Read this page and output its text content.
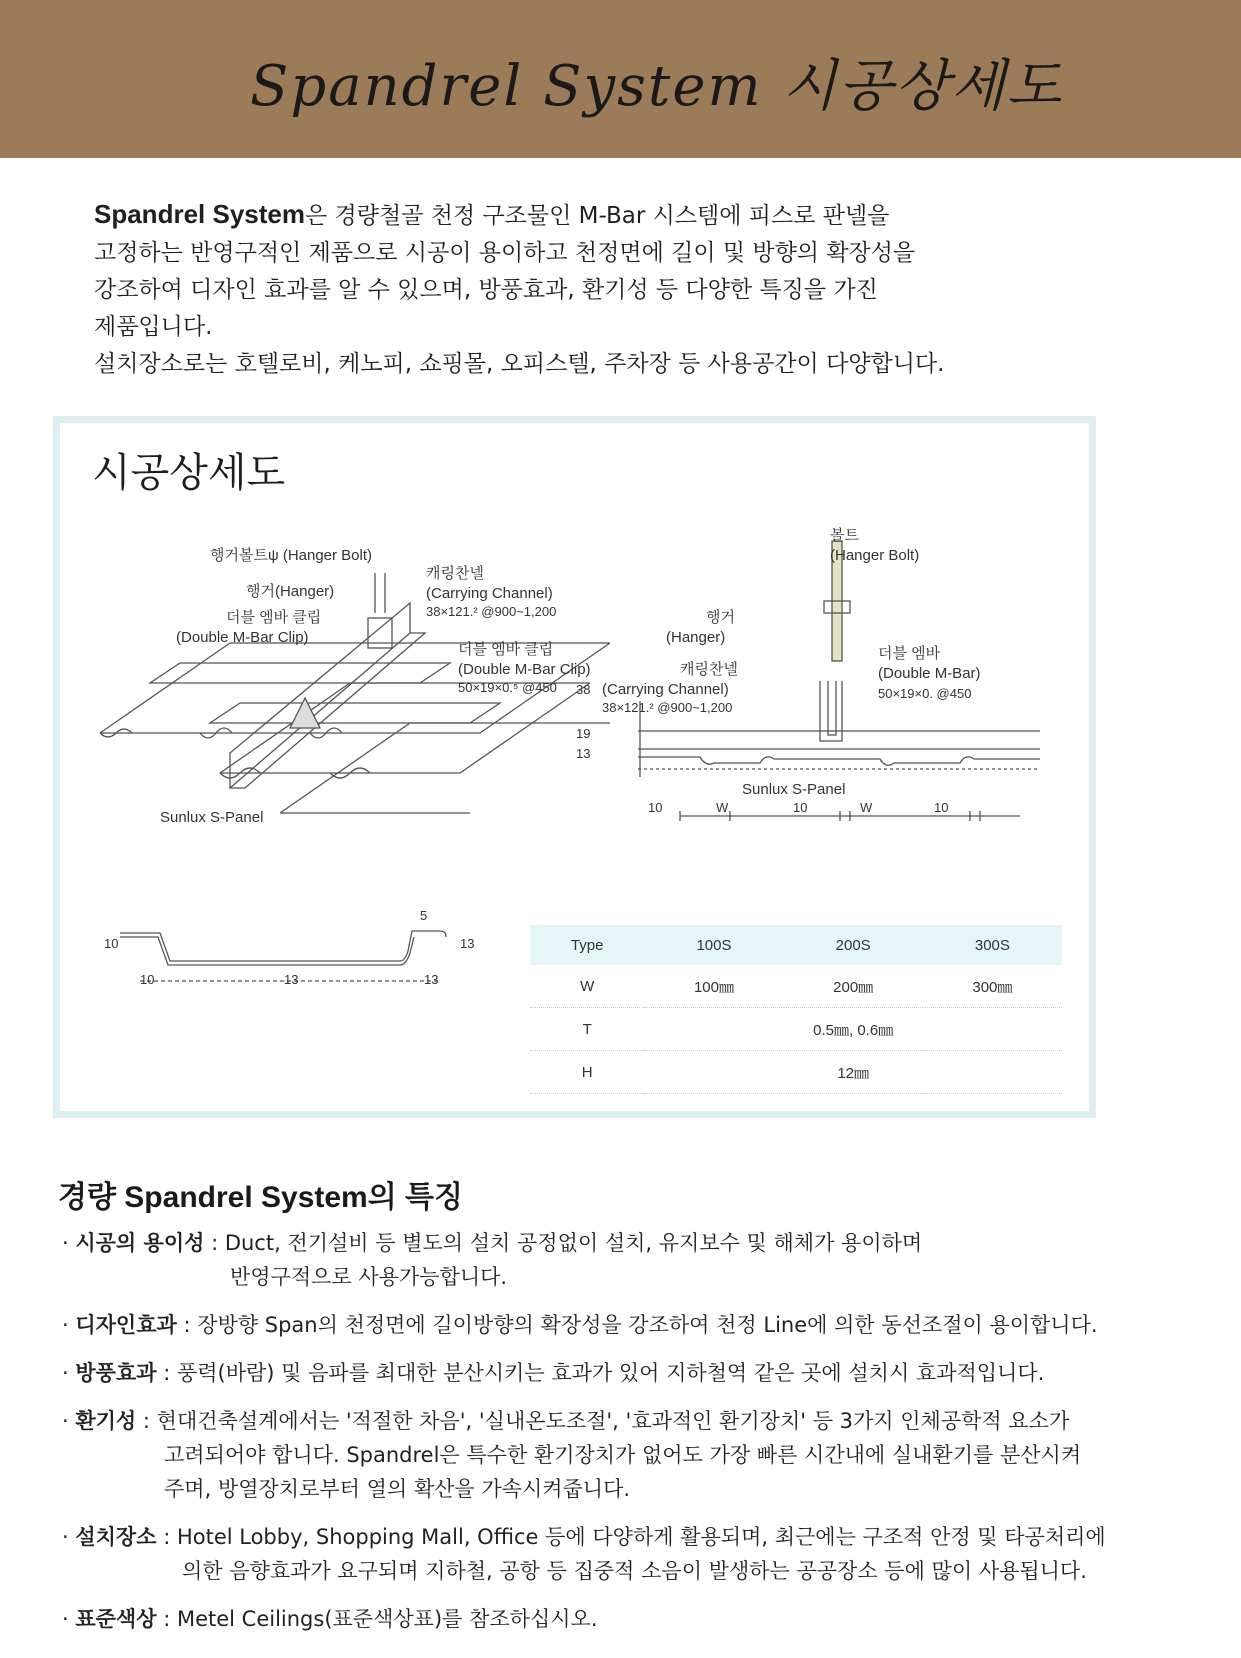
Spandrel System 시공상세도

Spandrel System은 경량철골 천정 구조물인 M-Bar 시스템에 피스로 판넬을

고정하는 반영구적인 제품으로 시공이 용이하고 천정면에 길이 및 방향의 확장성을

강조하여 디자인 효과를 알 수 있으며, 방풍효과, 환기성 등 다양한 특징을 가진

제품입니다.

설치장소로는 호텔로비, 케노피, 쇼핑몰, 오피스텔, 주차장 등 사용공간이 다양합니다.

시공상세도
행거볼트ψ (Hanger Bolt)
행거(Hanger)
더블 엠바 클립
(Double M-Bar Clip)
캐링찬넬
(Carrying Channel)
38×121.² @900~1,200
더블 엠바 클립
(Double M-Bar Clip)
50×19×0.⁵ @450
Sunlux S-Panel
볼트
(Hanger Bolt)
행거
(Hanger)
캐링찬넬
(Carrying Channel)
38×121.² @900~1,200
더블 엠바
(Double M-Bar)
50×19×0. @450
38
19
13
Sunlux S-Panel
10	W	10	W	10
5
10	13
10	13	13
Type	100S	200S	300S
W	100㎜	200㎜	300㎜
T	0.5㎜, 0.6㎜		
H	12㎜		
경량 Spandrel System의 특징
· 시공의 용이성 : Duct, 전기설비 등 별도의 설치 공정없이 설치, 유지보수 및 해체가 용이하며
반영구적으로 사용가능합니다.
· 디자인효과 : 장방향 Span의 천정면에 길이방향의 확장성을 강조하여 천정 Line에 의한 동선조절이 용이합니다.
· 방풍효과 : 풍력(바람) 및 음파를 최대한 분산시키는 효과가 있어 지하철역 같은 곳에 설치시 효과적입니다.
· 환기성 : 현대건축설계에서는 '적절한 차음', '실내온도조절', '효과적인 환기장치' 등 3가지 인체공학적 요소가
고려되어야 합니다. Spandrel은 특수한 환기장치가 없어도 가장 빠른 시간내에 실내환기를 분산시켜
주며, 방열장치로부터 열의 확산을 가속시켜줍니다.
· 설치장소 : Hotel Lobby, Shopping Mall, Office 등에 다양하게 활용되며, 최근에는 구조적 안정 및 타공처리에
의한 음향효과가 요구되며 지하철, 공항 등 집중적 소음이 발생하는 공공장소 등에 많이 사용됩니다.
· 표준색상 : Metel Ceilings(표준색상표)를 참조하십시오.
